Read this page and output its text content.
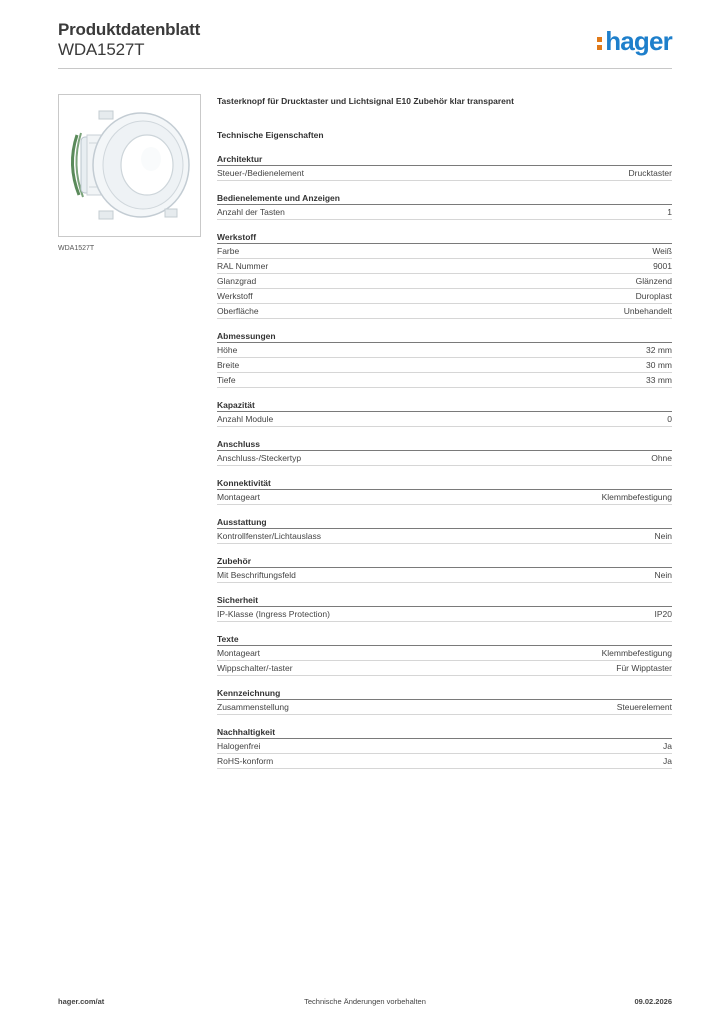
Produktdatenblatt
WDA1527T	hager
WDA1527T
Tasterknopf für Drucktaster und Lichtsignal E10 Zubehör klar transparent
Technische Eigenschaften
Architektur
Steuer-/Bedienelement	Drucktaster
Bedienelemente und Anzeigen
Anzahl der Tasten	1
Werkstoff
Farbe	Weiß
RAL Nummer	9001
Glanzgrad	Glänzend
Werkstoff	Duroplast
Oberfläche	Unbehandelt
Abmessungen
Höhe	32 mm
Breite	30 mm
Tiefe	33 mm
Kapazität
Anzahl Module	0
Anschluss
Anschluss-/Steckertyp	Ohne
Konnektivität
Montageart	Klemmbefestigung
Ausstattung
Kontrollfenster/Lichtauslass	Nein
Zubehör
Mit Beschriftungsfeld	Nein
Sicherheit
IP-Klasse (Ingress Protection)	IP20
Texte
Montageart	Klemmbefestigung
Wippschalter/-taster	Für Wipptaster
Kennzeichnung
Zusammenstellung	Steuerelement
Nachhaltigkeit
Halogenfrei	Ja
RoHS-konform	Ja
hager.com/at	Technische Änderungen vorbehalten	09.02.2026
